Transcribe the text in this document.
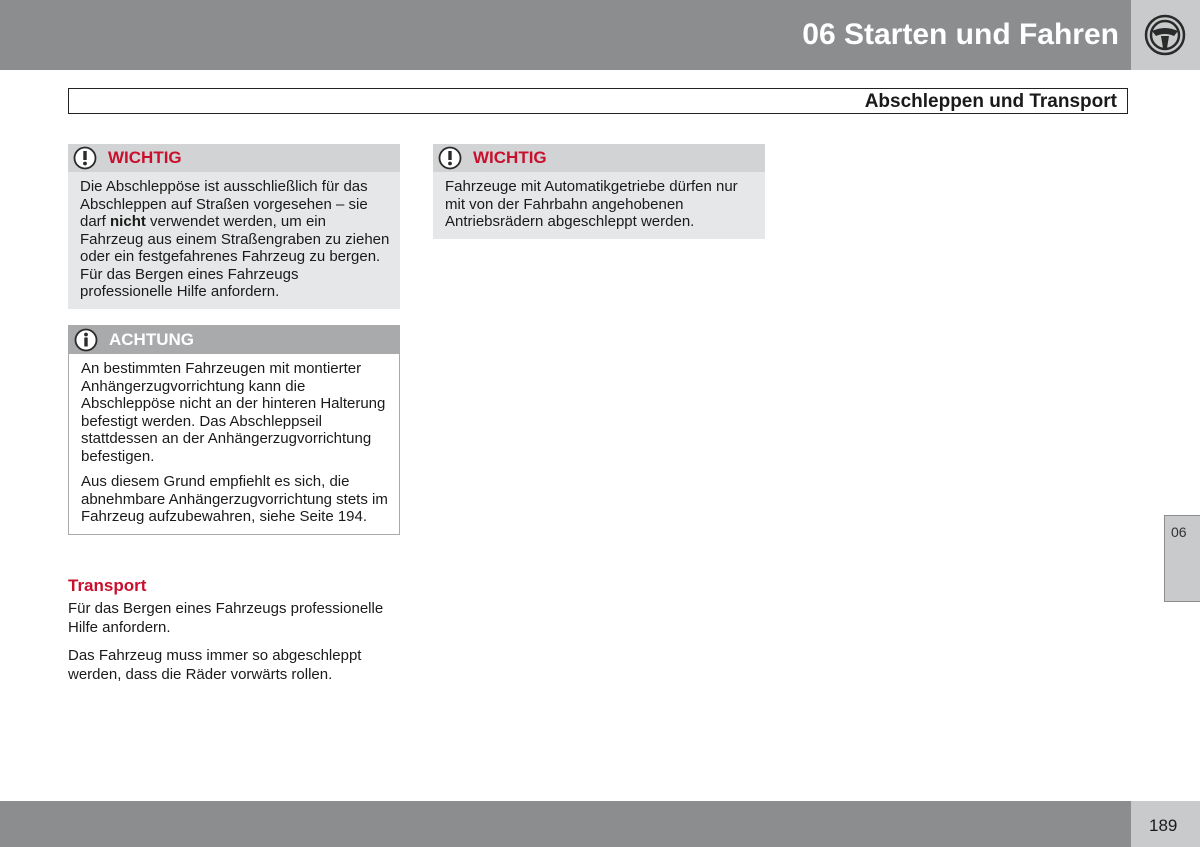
06 Starten und Fahren
Abschleppen und Transport
WICHTIG

Die Abschleppöse ist ausschließlich für das Abschleppen auf Straßen vorgesehen – sie darf nicht verwendet werden, um ein Fahrzeug aus einem Straßengraben zu ziehen oder ein festgefahrenes Fahrzeug zu bergen. Für das Bergen eines Fahrzeugs professionelle Hilfe anfordern.

ACHTUNG

An bestimmten Fahrzeugen mit montierter Anhängerzugvorrichtung kann die Abschleppöse nicht an der hinteren Halterung befestigt werden. Das Abschleppseil stattdessen an der Anhängerzugvorrichtung befestigen.

Aus diesem Grund empfiehlt es sich, die abnehmbare Anhängerzugvorrichtung stets im Fahrzeug aufzubewahren, siehe Seite 194.

WICHTIG

Fahrzeuge mit Automatikgetriebe dürfen nur mit von der Fahrbahn angehobenen Antriebsrädern abgeschleppt werden.

Transport

Für das Bergen eines Fahrzeugs professionelle Hilfe anfordern.

Das Fahrzeug muss immer so abgeschleppt werden, dass die Räder vorwärts rollen.

06
189
